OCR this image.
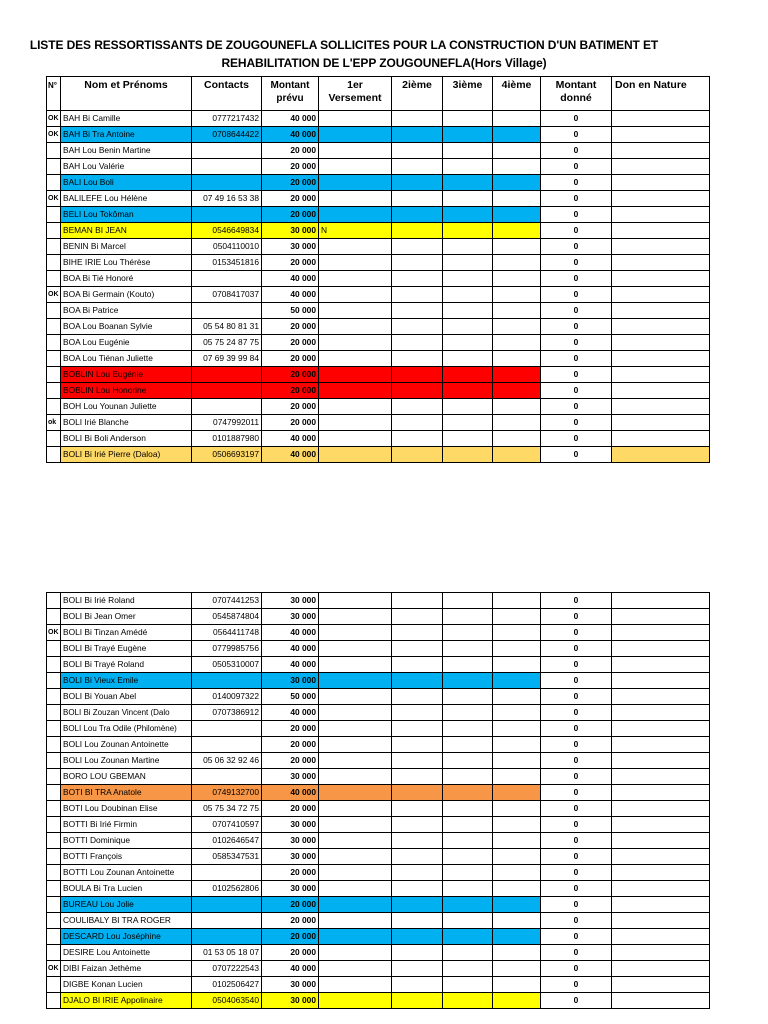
LISTE DES RESSORTISSANTS DE ZOUGOUNEFLA SOLLICITES POUR LA CONSTRUCTION D'UN BATIMENT ET
REHABILITATION DE L'EPP ZOUGOUNEFLA(Hors Village)
N°	Nom et Prénoms	Contacts	Montant prévu	1er Versement	2ième	3ième	4ième	Montant donné	Don en Nature
OK	BAH Bi Camille	0777217432	40 000					0	
OK	BAH Bi Tra Antoine	0708644422	40 000					0	
	BAH Lou Benin Martine		20 000					0	
	BAH Lou Valérie		20 000					0	
	BALI Lou Boli		20 000					0	
OK	BALILEFE Lou Hélène	07 49 16 53 38	20 000					0	
	BELI Lou Tokôman		20 000					0	
	BEMAN BI JEAN	0546649834	30 000	N				0	
	BENIN Bi Marcel	0504110010	30 000					0	
	BIHE IRIE Lou Thérèse	0153451816	20 000					0	
	BOA Bi Tié Honoré		40 000					0	
OK	BOA Bi Germain (Kouto)	0708417037	40 000					0	
	BOA Bi Patrice		50 000					0	
	BOA Lou Boanan Sylvie	05 54 80 81 31	20 000					0	
	BOA Lou Eugénie	05 75 24 87 75	20 000					0	
	BOA Lou Tiénan Juliette	07 69 39 99 84	20 000					0	
	BOBLIN Lou Eugénie		20 000					0	
	BOBLIN Lou Honorine		20 000					0	
	BOH Lou Younan Juliette		20 000					0	
ok	BOLI Irié Blanche	0747992011	20 000					0	
	BOLI Bi Boli Anderson	0101887980	40 000					0	
	BOLI Bi Irié Pierre (Daloa)	0506693197	40 000					0	
	BOLI Bi Irié Roland	0707441253	30 000					0	
	BOLI Bi Jean Omer	0545874804	30 000					0	
OK	BOLI Bi Tinzan Amédé	0564411748	40 000					0	
	BOLI Bi Trayé Eugène	0779985756	40 000					0	
	BOLI Bi Trayé Roland	0505310007	40 000					0	
	BOLI Bi Vieux Emile		30 000					0	
	BOLI Bi Youan Abel	0140097322	50 000					0	
	BOLI Bi Zouzan Vincent (Dalo	0707386912	40 000					0	
	BOLI Lou Tra Odile (Philomène)		20 000					0	
	BOLI Lou Zounan Antoinette		20 000					0	
	BOLI Lou Zounan Martine	05 06 32 92 46	20 000					0	
	BORO LOU GBEMAN		30 000					0	
	BOTI BI TRA Anatole	0749132700	40 000					0	
	BOTI Lou Doubinan Elise	05 75 34 72 75	20 000					0	
	BOTTI Bi Irié Firmin	0707410597	30 000					0	
	BOTTI Dominique	0102646547	30 000					0	
	BOTTI François	0585347531	30 000					0	
	BOTTI Lou Zounan Antoinette		20 000					0	
	BOULA Bi Tra Lucien	0102562806	30 000					0	
	BUREAU Lou Jolie		20 000					0	
	COULIBALY BI TRA ROGER		20 000					0	
	DESCARD Lou Joséphine		20 000					0	
	DESIRE Lou Antoinette	01 53 05 18 07	20 000					0	
OK	DIBI Faizan Jethème	0707222543	40 000					0	
	DIGBE Konan Lucien	0102506427	30 000					0	
	DJALO BI IRIE Appolinaire	0504063540	30 000					0	
